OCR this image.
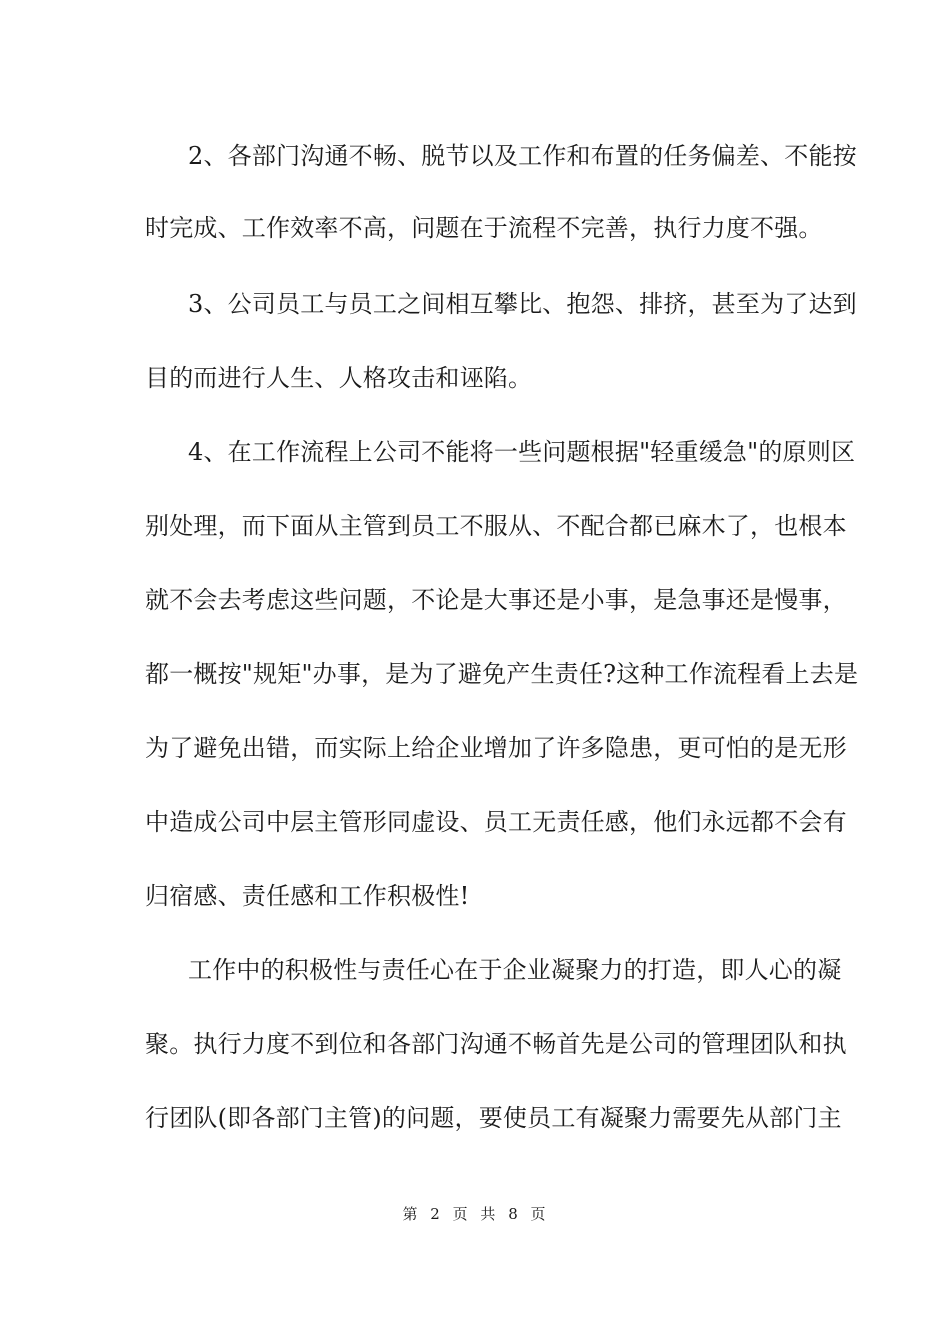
2、各部门沟通不畅、脱节以及工作和布置的任务偏差、不能按
时完成、工作效率不高，问题在于流程不完善，执行力度不强。
3、公司员工与员工之间相互攀比、抱怨、排挤，甚至为了达到
目的而进行人生、人格攻击和诬陷。
4、在工作流程上公司不能将一些问题根据"轻重缓急"的原则区
别处理，而下面从主管到员工不服从、不配合都已麻木了，也根本
就不会去考虑这些问题，不论是大事还是小事，是急事还是慢事，
都一概按"规矩"办事，是为了避免产生责任?这种工作流程看上去是
为了避免出错，而实际上给企业增加了许多隐患，更可怕的是无形
中造成公司中层主管形同虚设、员工无责任感，他们永远都不会有
归宿感、责任感和工作积极性!
工作中的积极性与责任心在于企业凝聚力的打造，即人心的凝
聚。执行力度不到位和各部门沟通不畅首先是公司的管理团队和执
行团队(即各部门主管)的问题，要使员工有凝聚力需要先从部门主
第 2 页 共 8 页
